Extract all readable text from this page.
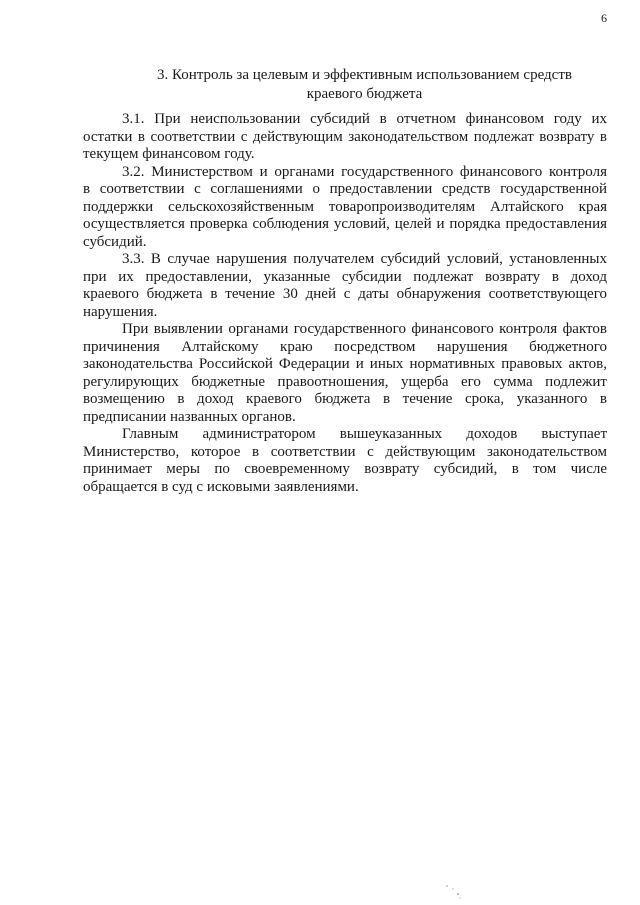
6
3. Контроль за целевым и эффективным использованием средств
краевого бюджета
3.1. При неиспользовании субсидий в отчетном финансовом году их
остатки в соответствии с действующим законодательством подлежат возврату в
текущем финансовом году.
3.2. Министерством и органами государственного финансового контроля
в соответствии с соглашениями о предоставлении средств государственной
поддержки сельскохозяйственным товаропроизводителям Алтайского края
осуществляется проверка соблюдения условий, целей и порядка предоставления
субсидий.
3.3. В случае нарушения получателем субсидий условий, установленных
при их предоставлении, указанные субсидии подлежат возврату в доход
краевого бюджета в течение 30 дней с даты обнаружения соответствующего
нарушения.
При выявлении органами государственного финансового контроля фактов
причинения Алтайскому краю посредством нарушения бюджетного
законодательства Российской Федерации и иных нормативных правовых актов,
регулирующих бюджетные правоотношения, ущерба его сумма подлежит
возмещению в доход краевого бюджета в течение срока, указанного в
предписании названных органов.
Главным администратором вышеуказанных доходов выступает
Министерство, которое в соответствии с действующим законодательством
принимает меры по своевременному возврату субсидий, в том числе
обращается в суд с исковыми заявлениями.
